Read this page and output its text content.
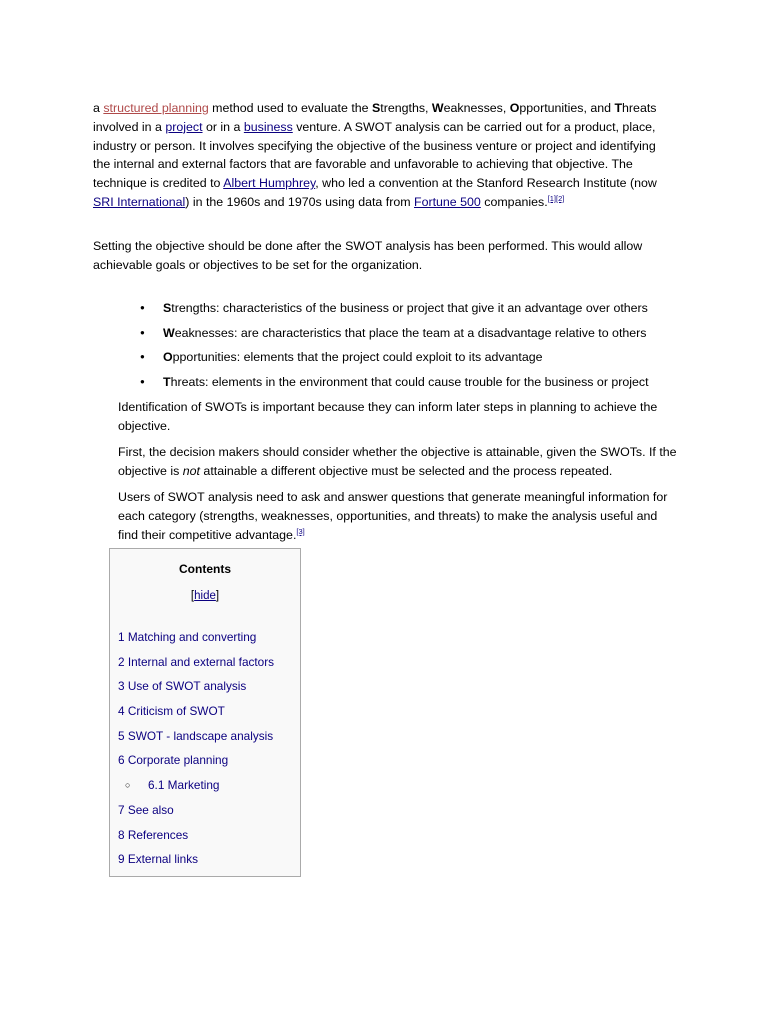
a structured planning method used to evaluate the Strengths, Weaknesses, Opportunities, and Threats involved in a project or in a business venture. A SWOT analysis can be carried out for a product, place, industry or person. It involves specifying the objective of the business venture or project and identifying the internal and external factors that are favorable and unfavorable to achieving that objective. The technique is credited to Albert Humphrey, who led a convention at the Stanford Research Institute (now SRI International) in the 1960s and 1970s using data from Fortune 500 companies.[1][2]

Setting the objective should be done after the SWOT analysis has been performed. This would allow achievable goals or objectives to be set for the organization.

● Strengths: characteristics of the business or project that give it an advantage over others
● Weaknesses: are characteristics that place the team at a disadvantage relative to others
● Opportunities: elements that the project could exploit to its advantage
● Threats: elements in the environment that could cause trouble for the business or project

Identification of SWOTs is important because they can inform later steps in planning to achieve the objective.

First, the decision makers should consider whether the objective is attainable, given the SWOTs. If the objective is not attainable a different objective must be selected and the process repeated.

Users of SWOT analysis need to ask and answer questions that generate meaningful information for each category (strengths, weaknesses, opportunities, and threats) to make the analysis useful and find their competitive advantage.[3]

Contents
[hide]
1 Matching and converting
2 Internal and external factors
3 Use of SWOT analysis
4 Criticism of SWOT
5 SWOT - landscape analysis
6 Corporate planning
○ 6.1 Marketing
7 See also
8 References
9 External links
